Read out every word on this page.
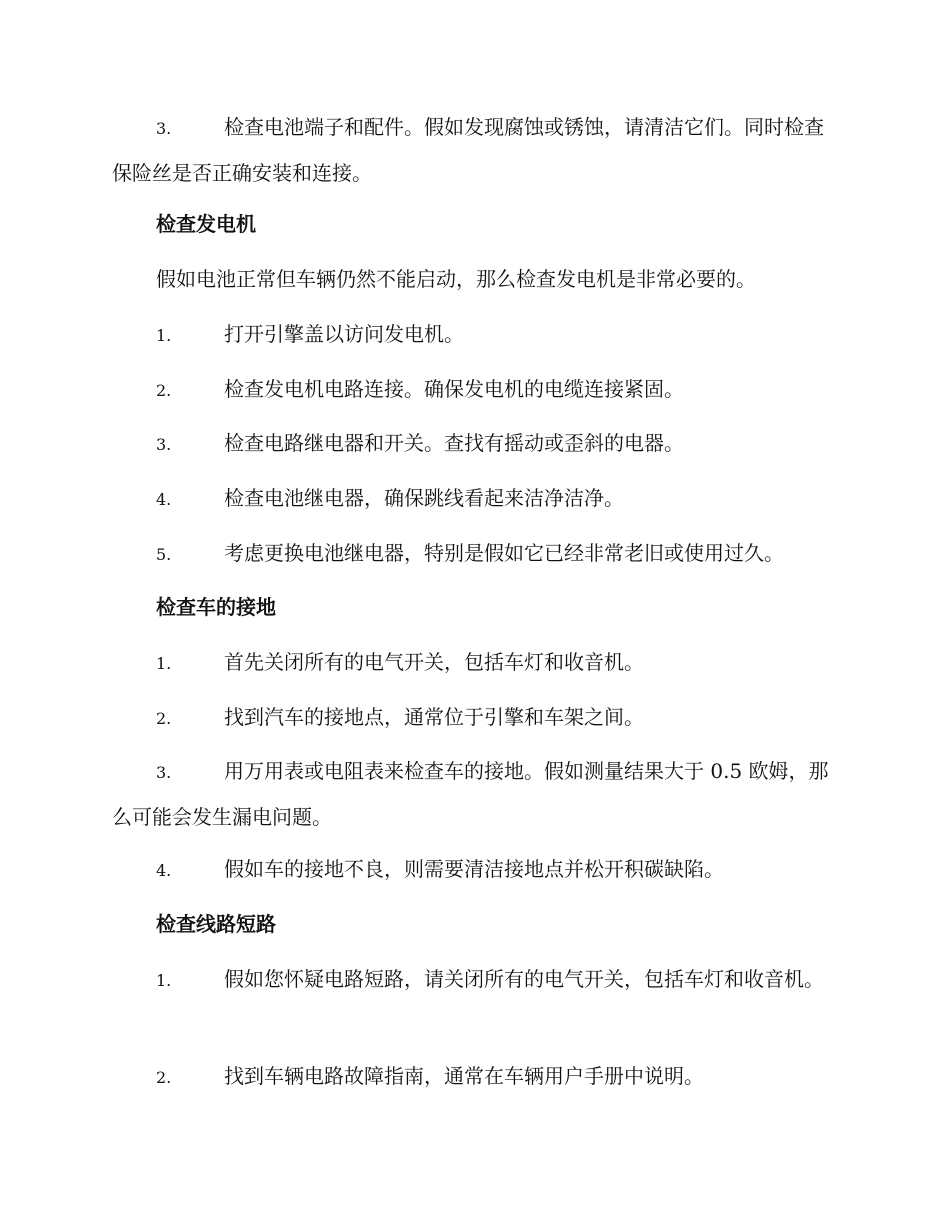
3.	检查电池端子和配件。假如发现腐蚀或锈蚀，请清洁它们。同时检查保险丝是否正确安装和连接。
检查发电机
假如电池正常但车辆仍然不能启动，那么检查发电机是非常必要的。
1.	打开引擎盖以访问发电机。
2.	检查发电机电路连接。确保发电机的电缆连接紧固。
3.	检查电路继电器和开关。查找有摇动或歪斜的电器。
4.	检查电池继电器，确保跳线看起来洁净洁净。
5.	考虑更换电池继电器，特别是假如它已经非常老旧或使用过久。
检查车的接地
1.	首先关闭所有的电气开关，包括车灯和收音机。
2.	找到汽车的接地点，通常位于引擎和车架之间。
3.	用万用表或电阻表来检查车的接地。假如测量结果大于 0.5 欧姆，那么可能会发生漏电问题。
4.	假如车的接地不良，则需要清洁接地点并松开积碳缺陷。
检查线路短路
1.	假如您怀疑电路短路，请关闭所有的电气开关，包括车灯和收音机。
2.	找到车辆电路故障指南，通常在车辆用户手册中说明。
